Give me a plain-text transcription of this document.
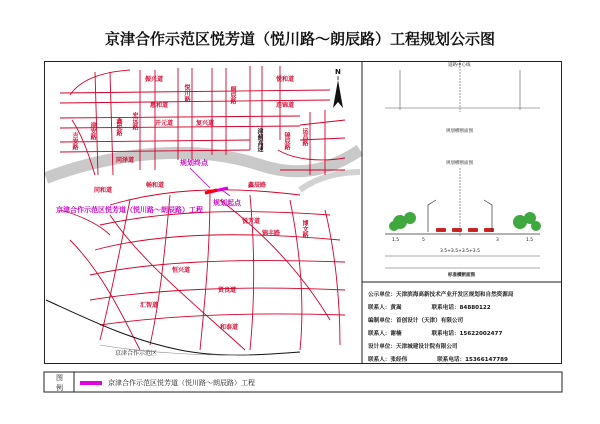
京津合作示范区悦芳道（悦川路～朗辰路）工程规划公示图
京津合作示范区悦芳道（悦川路～朗辰路）工程
规划起点
规划终点
京津合作示范区
N
津蓟高速
振兴道	悦和道
惠和道
悦川路	朗辰路
连锦道
鑫悦路	开元道	复兴道
宏远路
津安路
同泽道
畅和道
吉安路
同和道
锦辰路 运昌路
鑫辰路
悦芳道
锦丰路
恒兴道
贤良道
汇智道
博文路
和泰道
道路中心线
规划横断面图
规划横断面图
标准横断面图
1.5	5
3.5+3.5+3.5+3.5
3	1.5
公示单位：天津滨海高新技术产业开发区规划和自然资源局
联系人：黄嵩	联系电话：84880122
编制单位：首创设计（天津）有限公司
联系人：谢楠	联系电话：15622002477
设计单位：天津城建设计院有限公司
联系人：张经伟	联系电话：15366147789
图
例
京津合作示范区悦芳道（悦川路～朗辰路）工程
